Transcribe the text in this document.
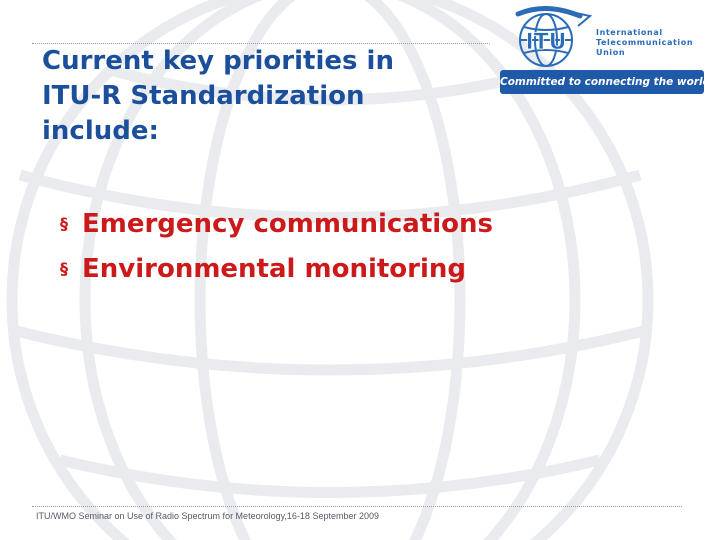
Current key priorities in
ITU-R Standardization
include:
§ Emergency communications
§ Environmental monitoring
ITU	International
Telecommunication
Union
Committed to connecting the world
ITU/WMO Seminar on Use of Radio Spectrum for Meteorology,16-18 September 2009
